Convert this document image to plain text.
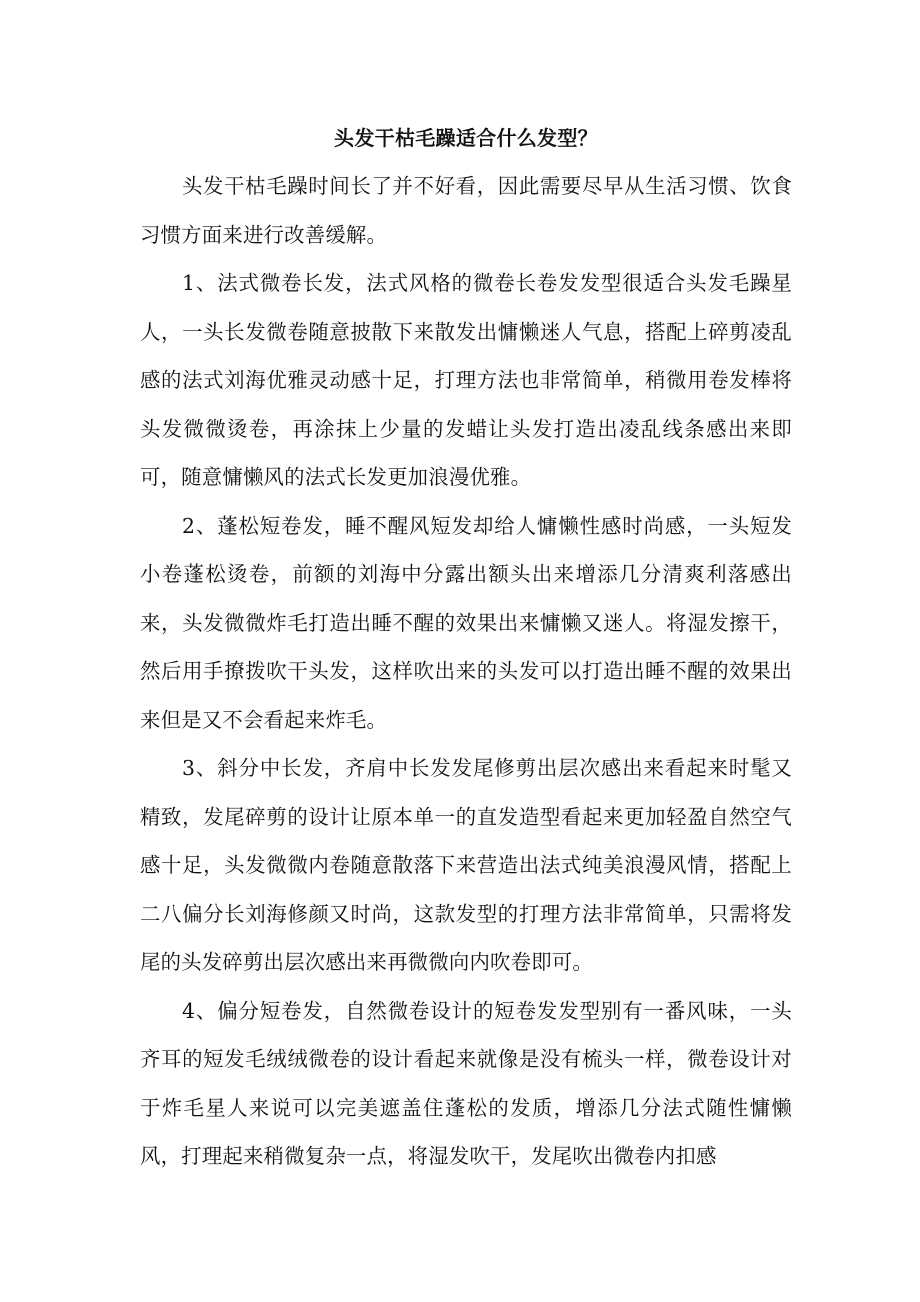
头发干枯毛躁适合什么发型？

头发干枯毛躁时间长了并不好看，因此需要尽早从生活习惯、饮食习惯方面来进行改善缓解。

1、法式微卷长发，法式风格的微卷长卷发发型很适合头发毛躁星人，一头长发微卷随意披散下来散发出慵懒迷人气息，搭配上碎剪凌乱感的法式刘海优雅灵动感十足，打理方法也非常简单，稍微用卷发棒将头发微微烫卷，再涂抹上少量的发蜡让头发打造出凌乱线条感出来即可，随意慵懒风的法式长发更加浪漫优雅。

2、蓬松短卷发，睡不醒风短发却给人慵懒性感时尚感，一头短发小卷蓬松烫卷，前额的刘海中分露出额头出来增添几分清爽利落感出来，头发微微炸毛打造出睡不醒的效果出来慵懒又迷人。将湿发擦干，然后用手撩拨吹干头发，这样吹出来的头发可以打造出睡不醒的效果出来但是又不会看起来炸毛。

3、斜分中长发，齐肩中长发发尾修剪出层次感出来看起来时髦又精致，发尾碎剪的设计让原本单一的直发造型看起来更加轻盈自然空气感十足，头发微微内卷随意散落下来营造出法式纯美浪漫风情，搭配上二八偏分长刘海修颜又时尚，这款发型的打理方法非常简单，只需将发尾的头发碎剪出层次感出来再微微向内吹卷即可。

4、偏分短卷发，自然微卷设计的短卷发发型别有一番风味，一头齐耳的短发毛绒绒微卷的设计看起来就像是没有梳头一样，微卷设计对于炸毛星人来说可以完美遮盖住蓬松的发质，增添几分法式随性慵懒风，打理起来稍微复杂一点，将湿发吹干，发尾吹出微卷内扣感
